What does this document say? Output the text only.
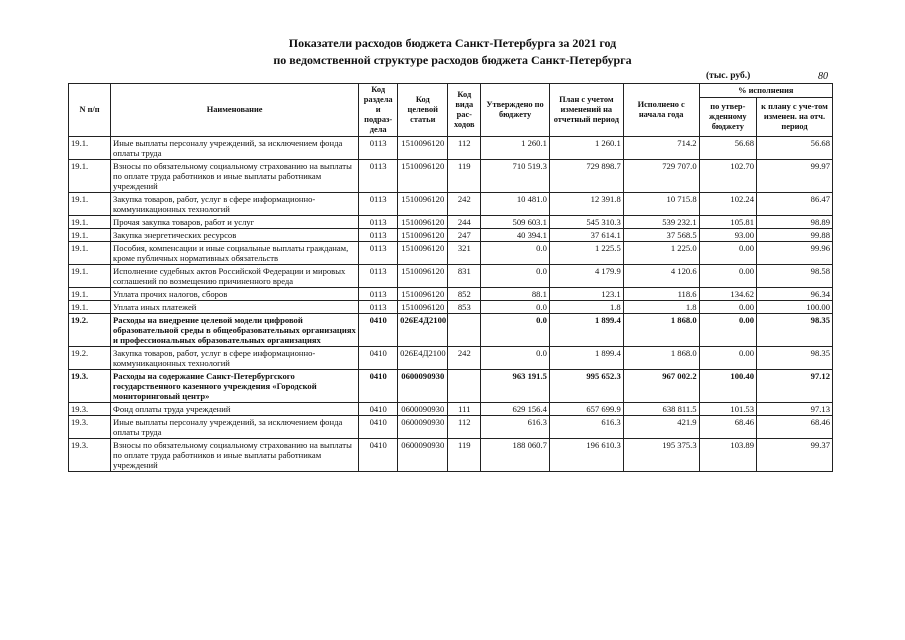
Показатели расходов бюджета Санкт-Петербурга за 2021 год
по ведомственной структуре расходов бюджета Санкт-Петербурга
(тыс. руб.)	80
N п/п	Наименование	Код раздела и подраз-дела	Код целевой статьи	Код вида рас-ходов	Утверждено по бюджету	План с учетом изменений на отчетный период	Исполнено с начала года	% исполнения	
								по утвер-жденному бюджету	к плану с уче-том изменен. на отч. период
19.1.	Иные выплаты персоналу учреждений, за исключением фонда оплаты труда	0113	1510096120	112	1 260.1	1 260.1	714.2	56.68	56.68
19.1.	Взносы по обязательному социальному страхованию на выплаты по оплате труда работников и иные выплаты работникам учреждений	0113	1510096120	119	710 519.3	729 898.7	729 707.0	102.70	99.97
19.1.	Закупка товаров, работ, услуг в сфере информационно-коммуникационных технологий	0113	1510096120	242	10 481.0	12 391.8	10 715.8	102.24	86.47
19.1.	Прочая закупка товаров, работ и услуг	0113	1510096120	244	509 603.1	545 310.3	539 232.1	105.81	98.89
19.1.	Закупка энергетических ресурсов	0113	1510096120	247	40 394.1	37 614.1	37 568.5	93.00	99.88
19.1.	Пособия, компенсации и иные социальные выплаты гражданам, кроме публичных нормативных обязательств	0113	1510096120	321	0.0	1 225.5	1 225.0	0.00	99.96
19.1.	Исполнение судебных актов Российской Федерации и мировых соглашений по возмещению причиненного вреда	0113	1510096120	831	0.0	4 179.9	4 120.6	0.00	98.58
19.1.	Уплата прочих налогов, сборов	0113	1510096120	852	88.1	123.1	118.6	134.62	96.34
19.1.	Уплата иных платежей	0113	1510096120	853	0.0	1.8	1.8	0.00	100.00
19.2.	Расходы на внедрение целевой модели цифровой образовательной среды в общеобразовательных организациях и профессиональных образовательных организациях	0410	026Е4Д2100		0.0	1 899.4	1 868.0	0.00	98.35
19.2.	Закупка товаров, работ, услуг в сфере информационно-коммуникационных технологий	0410	026Е4Д2100	242	0.0	1 899.4	1 868.0	0.00	98.35
19.3.	Расходы на содержание Санкт-Петербургского государственного казенного учреждения «Городской мониторинговый центр»	0410	0600090930		963 191.5	995 652.3	967 002.2	100.40	97.12
19.3.	Фонд оплаты труда учреждений	0410	0600090930	111	629 156.4	657 699.9	638 811.5	101.53	97.13
19.3.	Иные выплаты персоналу учреждений, за исключением фонда оплаты труда	0410	0600090930	112	616.3	616.3	421.9	68.46	68.46
19.3.	Взносы по обязательному социальному страхованию на выплаты по оплате труда работников и иные выплаты работникам учреждений	0410	0600090930	119	188 060.7	196 610.3	195 375.3	103.89	99.37
